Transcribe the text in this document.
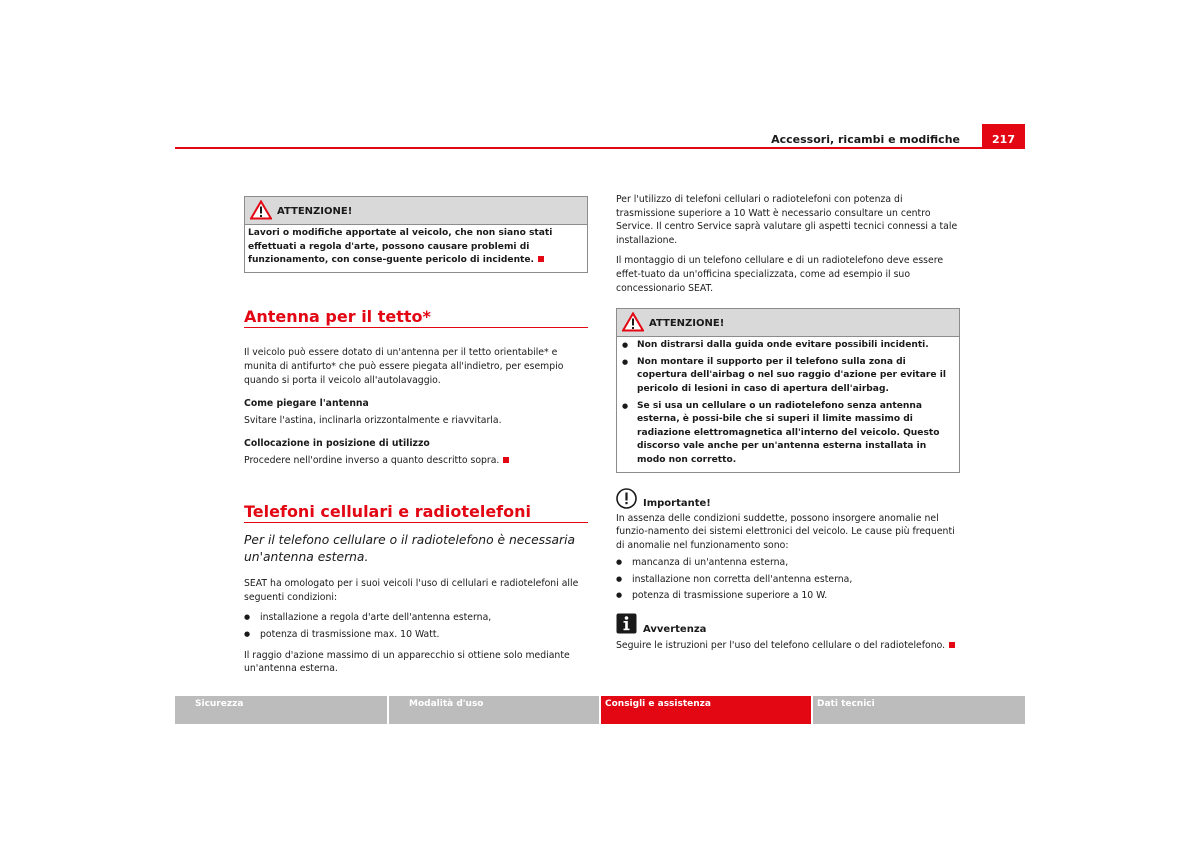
Accessori, ricambi e modifiche	217
ATTENZIONE!
Lavori o modifiche apportate al veicolo, che non siano stati effettuati a regola d'arte, possono causare problemi di funzionamento, con conse-guente pericolo di incidente.
Antenna per il tetto*

Il veicolo può essere dotato di un'antenna per il tetto orientabile* e munita di antifurto* che può essere piegata all'indietro, per esempio quando si porta il veicolo all'autolavaggio.

Come piegare l'antenna

Svitare l'astina, inclinarla orizzontalmente e riavvitarla.

Collocazione in posizione di utilizzo

Procedere nell'ordine inverso a quanto descritto sopra.

Telefoni cellulari e radiotelefoni

Per il telefono cellulare o il radiotelefono è necessaria un'antenna esterna.

SEAT ha omologato per i suoi veicoli l'uso di cellulari e radiotelefoni alle seguenti condizioni:

● installazione a regola d'arte dell'antenna esterna,

● potenza di trasmissione max. 10 Watt.

Il raggio d'azione massimo di un apparecchio si ottiene solo mediante un'antenna esterna.

Per l'utilizzo di telefoni cellulari o radiotelefoni con potenza di trasmissione superiore a 10 Watt è necessario consultare un centro Service. Il centro Service saprà valutare gli aspetti tecnici connessi a tale installazione.

Il montaggio di un telefono cellulare e di un radiotelefono deve essere effet-tuato da un'officina specializzata, come ad esempio il suo concessionario SEAT.

ATTENZIONE!

● Non distrarsi dalla guida onde evitare possibili incidenti.

● Non montare il supporto per il telefono sulla zona di copertura dell'airbag o nel suo raggio d'azione per evitare il pericolo di lesioni in caso di apertura dell'airbag.

● Se si usa un cellulare o un radiotelefono senza antenna esterna, è possi-bile che si superi il limite massimo di radiazione elettromagnetica all'interno del veicolo. Questo discorso vale anche per un'antenna esterna installata in modo non corretto.

Importante!

In assenza delle condizioni suddette, possono insorgere anomalie nel funzio-namento dei sistemi elettronici del veicolo. Le cause più frequenti di anomalie nel funzionamento sono:

● mancanza di un'antenna esterna,

● installazione non corretta dell'antenna esterna,

● potenza di trasmissione superiore a 10 W.

Avvertenza

Seguire le istruzioni per l'uso del telefono cellulare o del radiotelefono.

Sicurezza	Modalità d'uso	Consigli e assistenza	Dati tecnici
